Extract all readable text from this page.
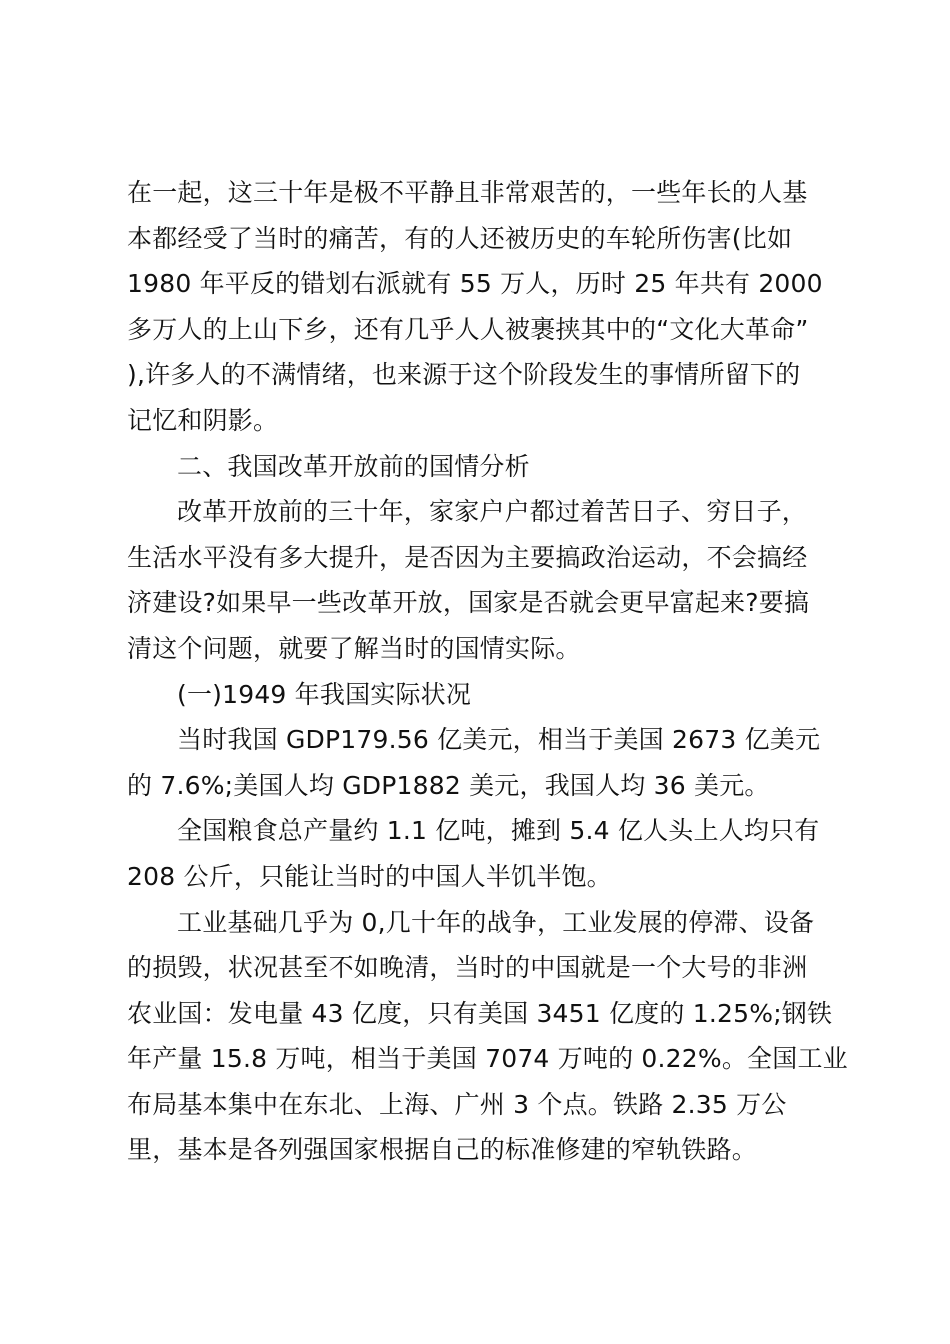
在一起，这三十年是极不平静且非常艰苦的，一些年长的人基
本都经受了当时的痛苦，有的人还被历史的车轮所伤害(比如
1980 年平反的错划右派就有 55 万人，历时 25 年共有 2000
多万人的上山下乡，还有几乎人人被裹挟其中的“文化大革命”
),许多人的不满情绪，也来源于这个阶段发生的事情所留下的
记忆和阴影。
二、我国改革开放前的国情分析
改革开放前的三十年，家家户户都过着苦日子、穷日子，
生活水平没有多大提升，是否因为主要搞政治运动，不会搞经
济建设?如果早一些改革开放，国家是否就会更早富起来?要搞
清这个问题，就要了解当时的国情实际。
(一)1949 年我国实际状况
当时我国 GDP179.56 亿美元，相当于美国 2673 亿美元
的 7.6%;美国人均 GDP1882 美元，我国人均 36 美元。
全国粮食总产量约 1.1 亿吨，摊到 5.4 亿人头上人均只有
208 公斤，只能让当时的中国人半饥半饱。
工业基础几乎为 0,几十年的战争，工业发展的停滞、设备
的损毁，状况甚至不如晚清，当时的中国就是一个大号的非洲
农业国：发电量 43 亿度，只有美国 3451 亿度的 1.25%;钢铁
年产量 15.8 万吨，相当于美国 7074 万吨的 0.22%。全国工业
布局基本集中在东北、上海、广州 3 个点。铁路 2.35 万公
里，基本是各列强国家根据自己的标准修建的窄轨铁路。
